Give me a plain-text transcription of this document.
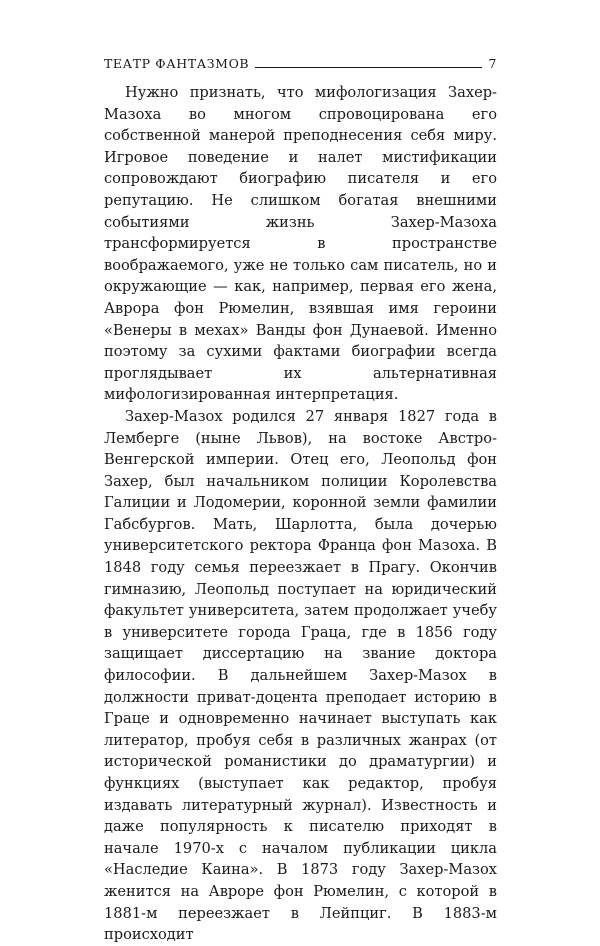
ТЕАТР ФАНТАЗМОВ	7

Нужно признать, что мифологизация Захер-Мазоха во многом спровоцирована его собственной манерой преподнесения себя миру. Игровое поведение и налет мистификации сопровождают биографию писателя и его репутацию. Не слишком богатая внешними событиями жизнь Захер-Мазоха трансформируется в пространстве воображаемого, уже не только сам писатель, но и окружающие — как, например, первая его жена, Аврора фон Рюмелин, взявшая имя героини «Венеры в мехах» Ванды фон Дунаевой. Именно поэтому за сухими фактами биографии всегда проглядывает их альтернативная мифологизированная интерпретация.

Захер-Мазох родился 27 января 1827 года в Лемберге (ныне Львов), на востоке Австро-Венгерской империи. Отец его, Леопольд фон Захер, был начальником полиции Королевства Галиции и Лодомерии, коронной земли фамилии Габсбургов. Мать, Шарлотта, была дочерью университетского ректора Франца фон Мазоха. В 1848 году семья переезжает в Прагу. Окончив гимназию, Леопольд поступает на юридический факультет университета, затем продолжает учебу в университете города Граца, где в 1856 году защищает диссертацию на звание доктора философии. В дальнейшем Захер-Мазох в должности приват-доцента преподает историю в Граце и одновременно начинает выступать как литератор, пробуя себя в различных жанрах (от исторической романистики до драматургии) и функциях (выступает как редактор, пробуя издавать литературный журнал). Известность и даже популярность к писателю приходят в начале 1970-х с началом публикации цикла «Наследие Каина». В 1873 году Захер-Мазох женится на Авроре фон Рюмелин, с которой в 1881-м переезжает в Лейпциг. В 1883-м происходит
